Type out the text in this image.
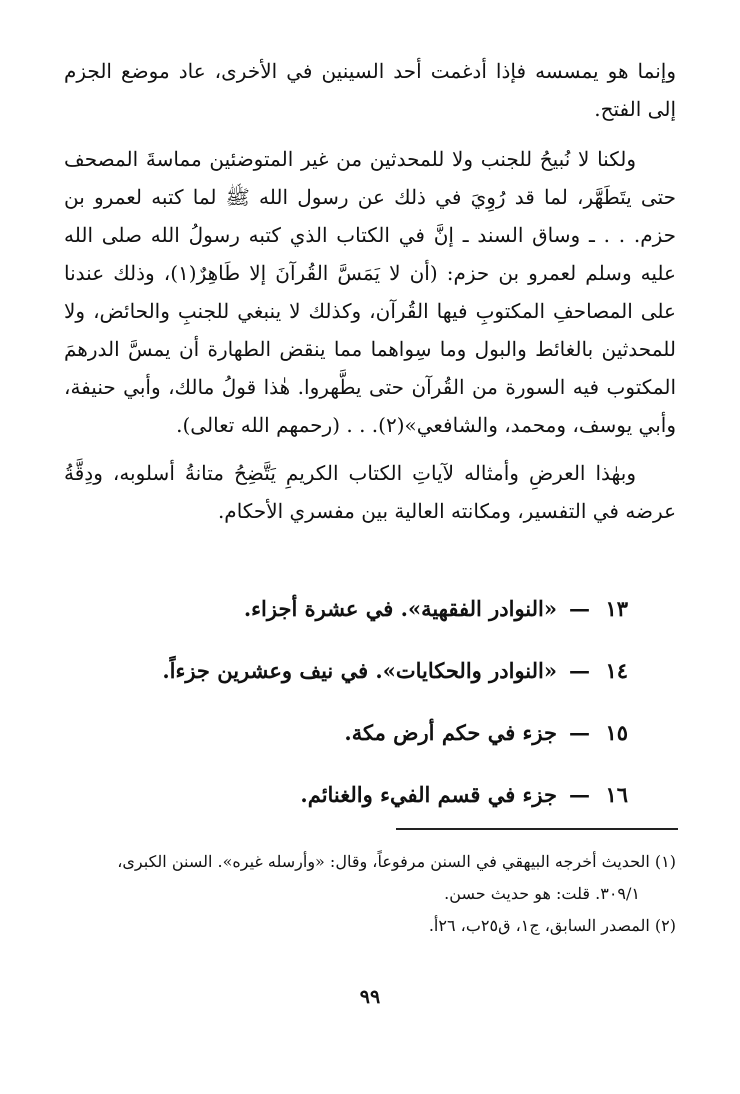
وإنما هو يمسسه فإذا أدغمت أحد السينين في الأخرى، عاد موضع الجزم إلى الفتح.

ولكنا لا نُبيحُ للجنب ولا للمحدثين من غير المتوضئين مماسةَ المصحف حتى يتَطَهَّر، لما قد رُوِيَ في ذلك عن رسول الله ﷺ لما كتبه لعمرو بن حزم. . . ـ وساق السند ـ إنَّ في الكتاب الذي كتبه رسولُ الله صلى الله عليه وسلم لعمرو بن حزم: (أن لا يَمَسَّ القُرآنَ إلا طَاهِرٌ(١)، وذلك عندنا على المصاحفِ المكتوبِ فيها القُرآن، وكذلك لا ينبغي للجنبِ والحائض، ولا للمحدثين بالغائط والبول وما سِواهما مما ينقض الطهارة أن يمسَّ الدرهمَ المكتوب فيه السورة من القُرآن حتى يطَّهروا. هٰذا قولُ مالك، وأبي حنيفة، وأبي يوسف، ومحمد، والشافعي»(٢). . . (رحمهم الله تعالى).

وبهٰذا العرضِ وأمثاله لآياتِ الكتاب الكريمِ يَتَّضِحُ متانةُ أسلوبه، ودِقَّةُ عرضه في التفسير، ومكانته العالية بين مفسري الأحكام.

١٣—«النوادر الفقهية». في عشرة أجزاء.
١٤—«النوادر والحكايات». في نيف وعشرين جزءاً.
١٥—جزء في حكم أرض مكة.
١٦—جزء في قسم الفيء والغنائم.

(١) الحديث أخرجه البيهقي في السنن مرفوعاً، وقال: «وأرسله غيره». السنن الكبرى،

٣٠٩/١. قلت: هو حديث حسن.

(٢) المصدر السابق، ج١، ق٢٥ب، ٢٦أ.

٩٩
